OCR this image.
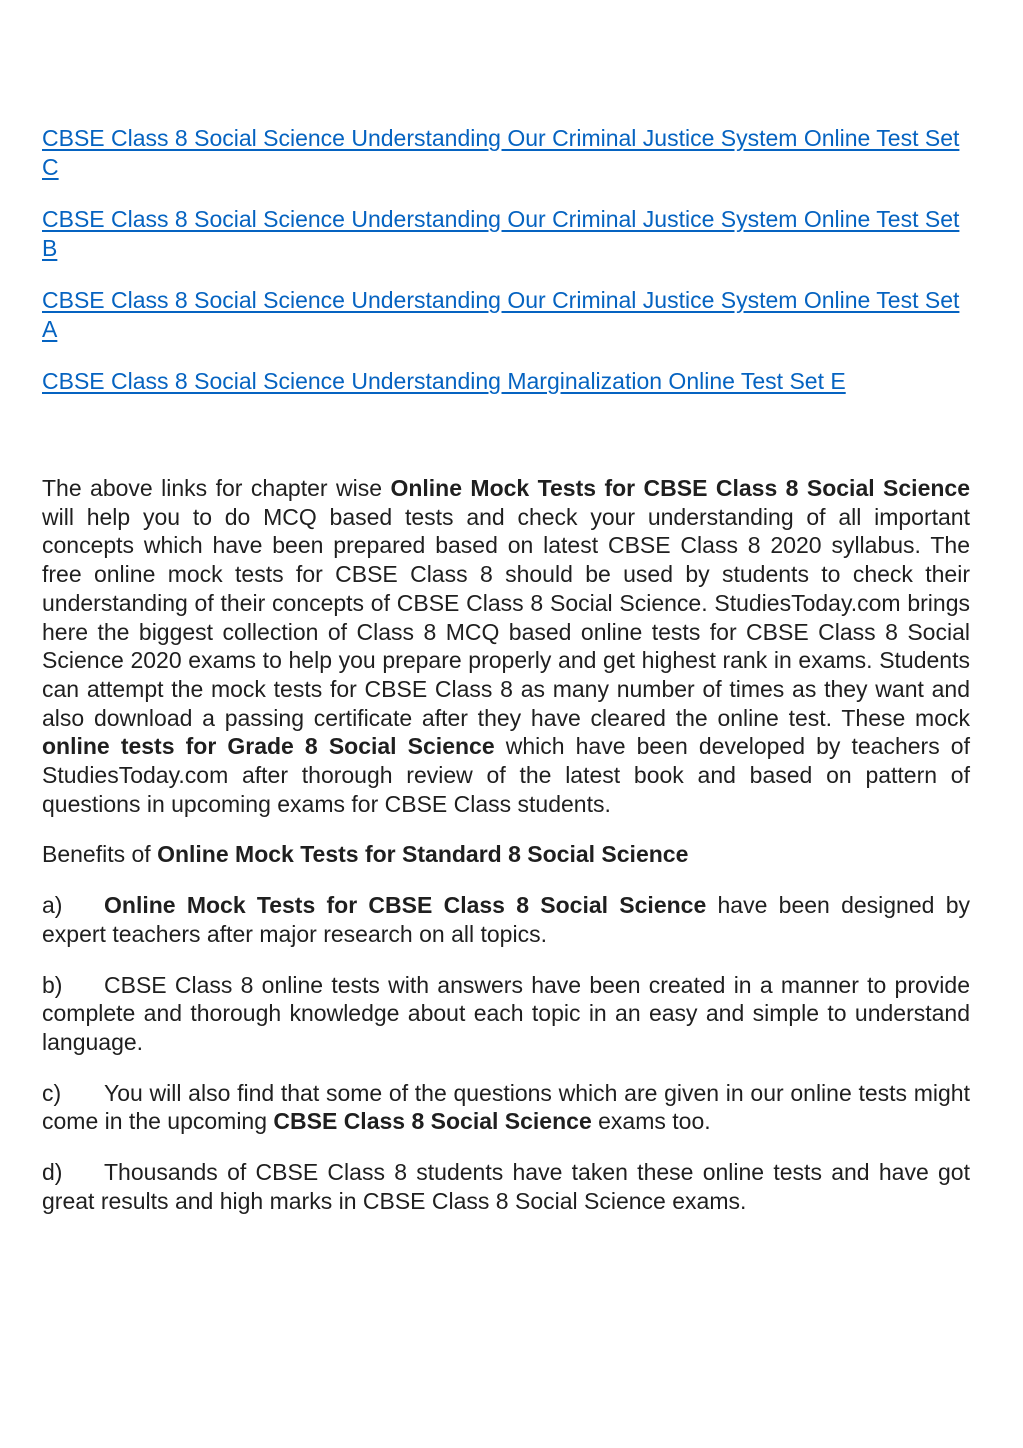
CBSE Class 8 Social Science Understanding Our Criminal Justice System Online Test Set C

CBSE Class 8 Social Science Understanding Our Criminal Justice System Online Test Set B

CBSE Class 8 Social Science Understanding Our Criminal Justice System Online Test Set A

CBSE Class 8 Social Science Understanding Marginalization Online Test Set E

The above links for chapter wise Online Mock Tests for CBSE Class 8 Social Science will help you to do MCQ based tests and check your understanding of all important concepts which have been prepared based on latest CBSE Class 8 2020 syllabus. The free online mock tests for CBSE Class 8 should be used by students to check their understanding of their concepts of CBSE Class 8 Social Science. StudiesToday.com brings here the biggest collection of Class 8 MCQ based online tests for CBSE Class 8 Social Science 2020 exams to help you prepare properly and get highest rank in exams. Students can attempt the mock tests for CBSE Class 8 as many number of times as they want and also download a passing certificate after they have cleared the online test. These mock online tests for Grade 8 Social Science which have been developed by teachers of StudiesToday.com after thorough review of the latest book and based on pattern of questions in upcoming exams for CBSE Class students.

Benefits of Online Mock Tests for Standard 8 Social Science

a) Online Mock Tests for CBSE Class 8 Social Science have been designed by expert teachers after major research on all topics.

b) CBSE Class 8 online tests with answers have been created in a manner to provide complete and thorough knowledge about each topic in an easy and simple to understand language.

c) You will also find that some of the questions which are given in our online tests might come in the upcoming CBSE Class 8 Social Science exams too.

d) Thousands of CBSE Class 8 students have taken these online tests and have got great results and high marks in CBSE Class 8 Social Science exams.
